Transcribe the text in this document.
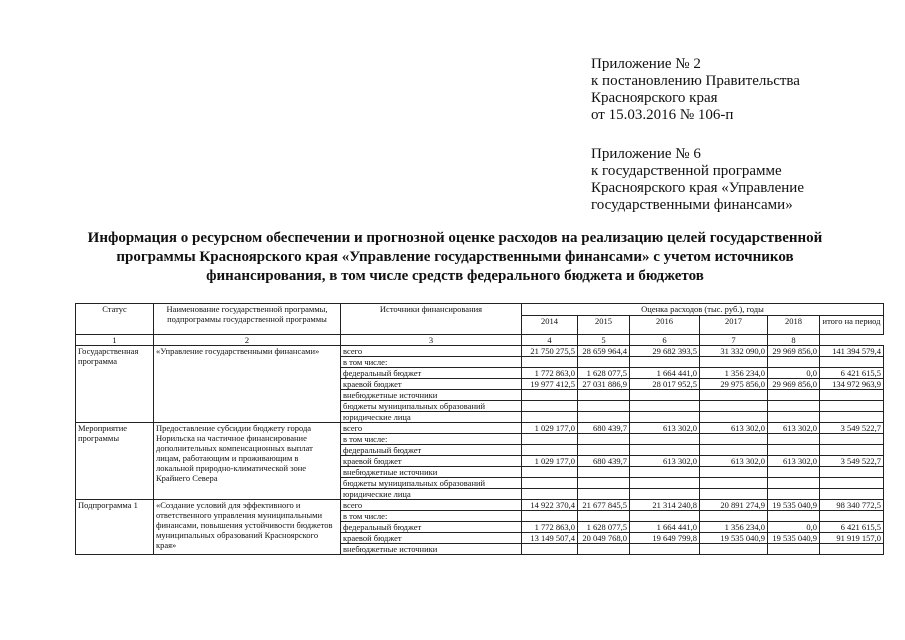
Приложение № 2
к постановлению Правительства
Красноярского края
от 15.03.2016 № 106-п
Приложение № 6
к государственной программе
Красноярского края «Управление
государственными финансами»
Информация о ресурсном обеспечении и прогнозной оценке расходов на реализацию целей государственной
программы Красноярского края «Управление государственными финансами» с учетом источников
финансирования, в том числе средств федерального бюджета и бюджетов
Статус	Наименование государственной программы, подпрограммы государственной программы	Источники финансирования	Оценка расходов (тыс. руб.), годы					
			2014	2015	2016	2017	2018	итого на период
1	2	3	4	5	6	7	8	
Государственная программа	«Управление государственными финансами»	всего	21 750 275,5	28 659 964,4	29 682 393,5	31 332 090,0	29 969 856,0	141 394 579,4
		в том числе:						
		федеральный бюджет	1 772 863,0	1 628 077,5	1 664 441,0	1 356 234,0	0,0	6 421 615,5
		краевой бюджет	19 977 412,5	27 031 886,9	28 017 952,5	29 975 856,0	29 969 856,0	134 972 963,9
		внебюджетные источники						
		бюджеты муниципальных образований						
		юридические лица						
Мероприятие программы	Предоставление субсидии бюджету города Норильска на частичное финансирование дополнительных компенсационных выплат лицам, работающим и проживающим в локальной природно-климатической зоне Крайнего Севера	всего	1 029 177,0	680 439,7	613 302,0	613 302,0	613 302,0	3 549 522,7
		в том числе:						
		федеральный бюджет						
		краевой бюджет	1 029 177,0	680 439,7	613 302,0	613 302,0	613 302,0	3 549 522,7
		внебюджетные источники						
		бюджеты муниципальных образований						
		юридические лица						
Подпрограмма 1	«Создание условий для эффективного и ответственного управления муниципальными финансами, повышения устойчивости бюджетов муниципальных образований Красноярского края»	всего	14 922 370,4	21 677 845,5	21 314 240,8	20 891 274,9	19 535 040,9	98 340 772,5
		в том числе:						
		федеральный бюджет	1 772 863,0	1 628 077,5	1 664 441,0	1 356 234,0	0,0	6 421 615,5
		краевой бюджет	13 149 507,4	20 049 768,0	19 649 799,8	19 535 040,9	19 535 040,9	91 919 157,0
		внебюджетные источники						
